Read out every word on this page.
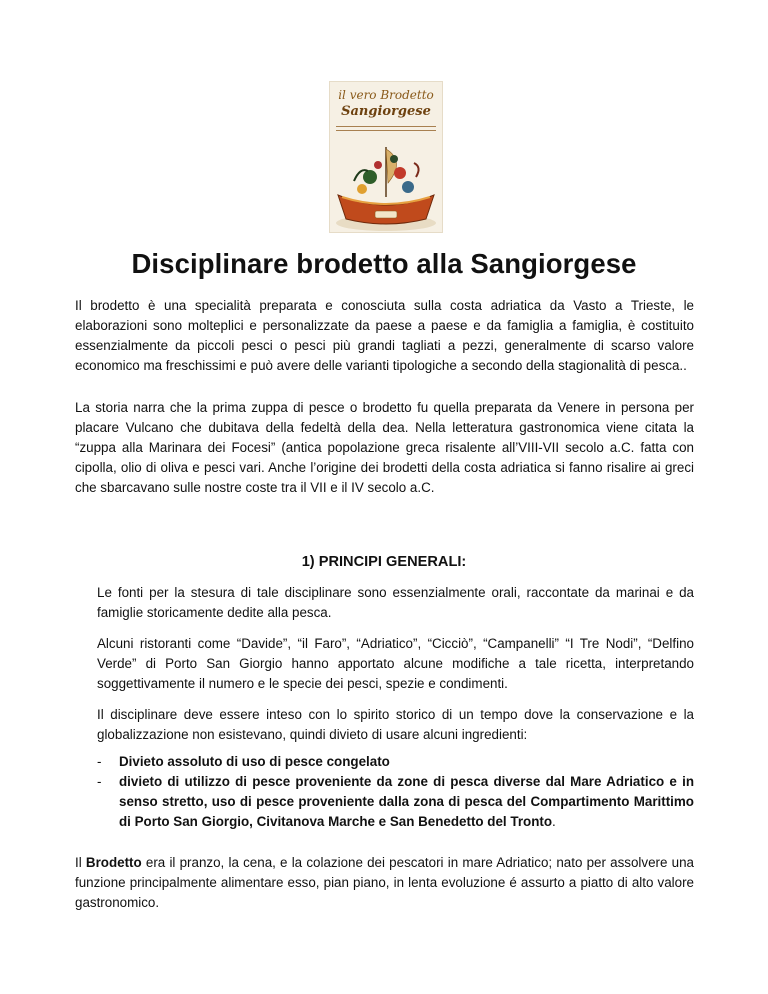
il vero Brodetto
Sangiorgese
Disciplinare brodetto alla Sangiorgese

Il brodetto è una specialità preparata e conosciuta sulla costa adriatica da Vasto a Trieste, le elaborazioni sono molteplici e personalizzate da paese a paese e da famiglia a famiglia, è costituito essenzialmente da piccoli pesci o pesci più grandi tagliati a pezzi, generalmente di scarso valore economico ma freschissimi e può avere delle varianti tipologiche a secondo della stagionalità di pesca..

La storia narra che la prima zuppa di pesce o brodetto fu quella preparata da Venere in persona per placare Vulcano che dubitava della fedeltà della dea. Nella letteratura gastronomica viene citata la “zuppa alla Marinara dei Focesi” (antica popolazione greca risalente all’VIII-VII secolo a.C. fatta con cipolla, olio di oliva e pesci vari. Anche l’origine dei brodetti della costa adriatica si fanno risalire ai greci che sbarcavano sulle nostre coste tra il VII e il IV secolo a.C.

1) PRINCIPI GENERALI:

Le fonti per la stesura di tale disciplinare sono essenzialmente orali, raccontate da marinai e da famiglie storicamente dedite alla pesca.

Alcuni ristoranti come “Davide”, “il Faro”, “Adriatico”, “Cicciò”, “Campanelli” “I Tre Nodi”, “Delfino Verde” di Porto San Giorgio hanno apportato alcune modifiche a tale ricetta, interpretando soggettivamente il numero e le specie dei pesci, spezie e condimenti.

Il disciplinare deve essere inteso con lo spirito storico di un tempo dove la conservazione e la globalizzazione non esistevano, quindi divieto di usare alcuni ingredienti:

- Divieto assoluto di uso di pesce congelato
- divieto di utilizzo di pesce proveniente da zone di pesca diverse dal Mare Adriatico e in senso stretto, uso di pesce proveniente dalla zona di pesca del Compartimento Marittimo di Porto San Giorgio, Civitanova Marche e San Benedetto del Tronto.

Il Brodetto era il pranzo, la cena, e la colazione dei pescatori in mare Adriatico; nato per assolvere una funzione principalmente alimentare esso, pian piano, in lenta evoluzione é assurto a piatto di alto valore gastronomico.
